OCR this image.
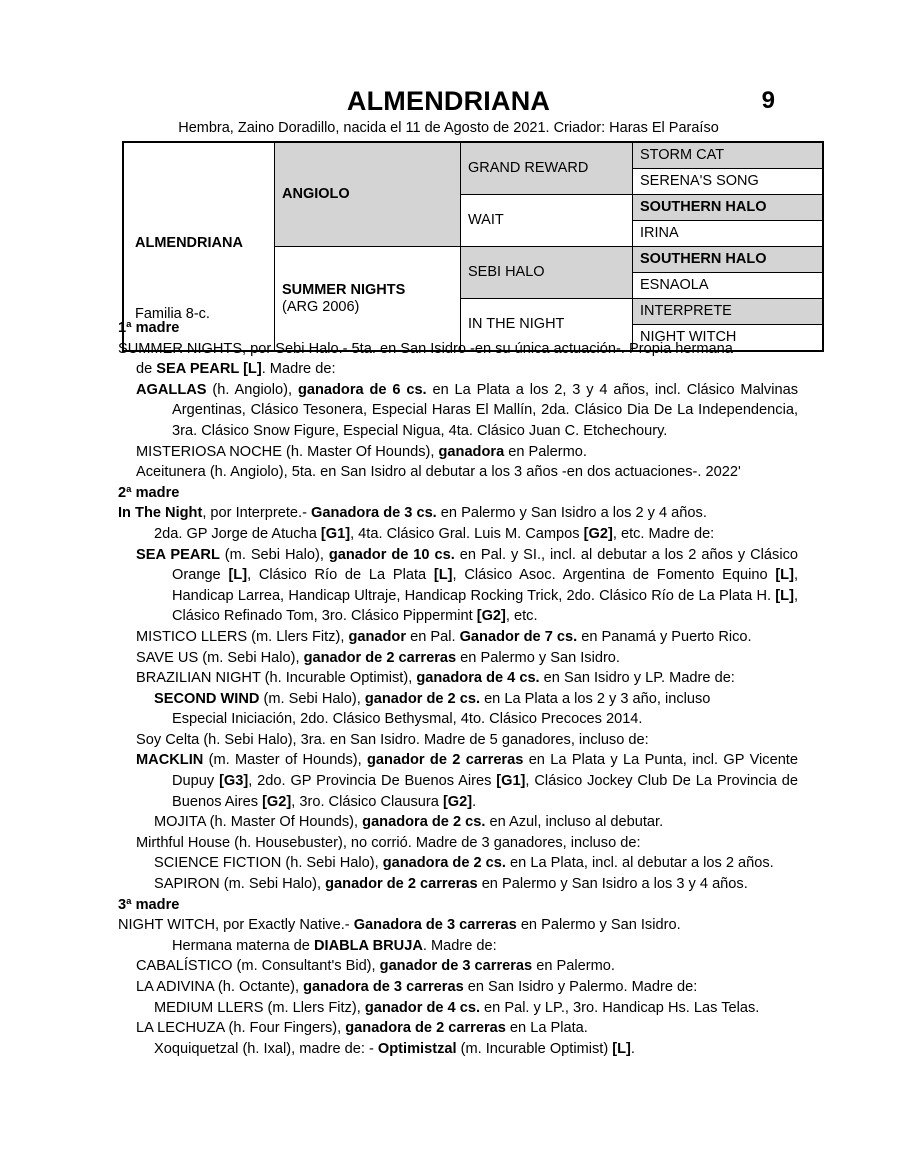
ALMENDRIANA	9
Hembra, Zaino Doradillo, nacida el 11 de Agosto de 2021. Criador: Haras El Paraíso
ALMENDRIANA
Familia 8-c.	ANGIOLO	GRAND REWARD	STORM CAT
			SERENA'S SONG
		WAIT	SOUTHERN HALO
			IRINA

	SUMMER NIGHTS
(ARG 2006)	SEBI HALO	SOUTHERN HALO
			ESNAOLA
		IN THE NIGHT	INTERPRETE
			NIGHT WITCH

1ª madre

SUMMER NIGHTS, por Sebi Halo.- 5ta. en San Isidro -en su única actuación-. Propia hermana

de SEA PEARL [L]. Madre de:

AGALLAS (h. Angiolo), ganadora de 6 cs. en La Plata a los 2, 3 y 4 años, incl. Clásico Malvinas Argentinas, Clásico Tesonera, Especial Haras El Mallín, 2da. Clásico Dia De La Independencia, 3ra. Clásico Snow Figure, Especial Nigua, 4ta. Clásico Juan C. Etchechoury.

MISTERIOSA NOCHE (h. Master Of Hounds), ganadora en Palermo.

Aceitunera (h. Angiolo), 5ta. en San Isidro al debutar a los 3 años -en dos actuaciones-. 2022'

2ª madre

In The Night, por Interprete.- Ganadora de 3 cs. en Palermo y San Isidro a los 2 y 4 años.

2da. GP Jorge de Atucha [G1], 4ta. Clásico Gral. Luis M. Campos [G2], etc. Madre de:

SEA PEARL (m. Sebi Halo), ganador de 10 cs. en Pal. y SI., incl. al debutar a los 2 años y Clásico Orange [L], Clásico Río de La Plata [L], Clásico Asoc. Argentina de Fomento Equino [L], Handicap Larrea, Handicap Ultraje, Handicap Rocking Trick, 2do. Clásico Río de La Plata H. [L], Clásico Refinado Tom, 3ro. Clásico Pippermint [G2], etc.

MISTICO LLERS (m. Llers Fitz), ganador en Pal. Ganador de 7 cs. en Panamá y Puerto Rico.

SAVE US (m. Sebi Halo), ganador de 2 carreras en Palermo y San Isidro.

BRAZILIAN NIGHT (h. Incurable Optimist), ganadora de 4 cs. en San Isidro y LP. Madre de:

SECOND WIND (m. Sebi Halo), ganador de 2 cs. en La Plata a los 2 y 3 año, incluso

Especial Iniciación, 2do. Clásico Bethysmal, 4to. Clásico Precoces 2014.

Soy Celta (h. Sebi Halo), 3ra. en San Isidro. Madre de 5 ganadores, incluso de:

MACKLIN (m. Master of Hounds), ganador de 2 carreras en La Plata y La Punta, incl. GP Vicente Dupuy [G3], 2do. GP Provincia De Buenos Aires [G1], Clásico Jockey Club De La Provincia de Buenos Aires [G2], 3ro. Clásico Clausura [G2].

MOJITA (h. Master Of Hounds), ganadora de 2 cs. en Azul, incluso al debutar.

Mirthful House (h. Housebuster), no corrió. Madre de 3 ganadores, incluso de:

SCIENCE FICTION (h. Sebi Halo), ganadora de 2 cs. en La Plata, incl. al debutar a los 2 años.

SAPIRON (m. Sebi Halo), ganador de 2 carreras en Palermo y San Isidro a los 3 y 4 años.

3ª madre

NIGHT WITCH, por Exactly Native.- Ganadora de 3 carreras en Palermo y San Isidro.

Hermana materna de DIABLA BRUJA. Madre de:

CABALÍSTICO (m. Consultant's Bid), ganador de 3 carreras en Palermo.

LA ADIVINA (h. Octante), ganadora de 3 carreras en San Isidro y Palermo. Madre de:

MEDIUM LLERS (m. Llers Fitz), ganador de 4 cs. en Pal. y LP., 3ro. Handicap Hs. Las Telas.

LA LECHUZA (h. Four Fingers), ganadora de 2 carreras en La Plata.

Xoquiquetzal (h. Ixal), madre de: - Optimistzal (m. Incurable Optimist) [L].
